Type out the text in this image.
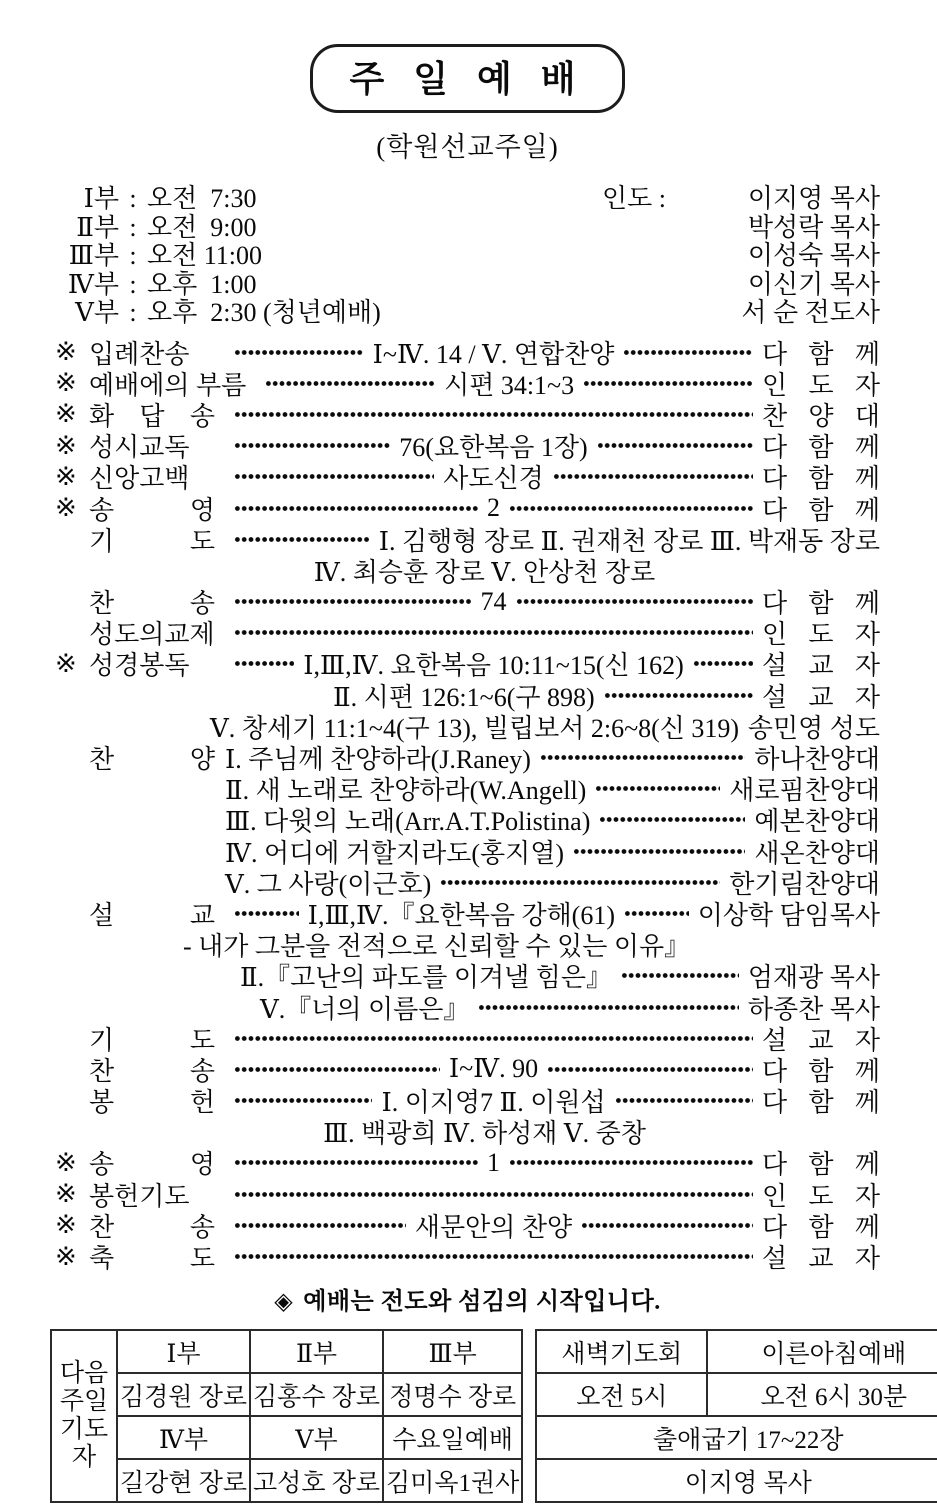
주 일 예 배
(학원선교주일)
Ⅰ부 : 오전  7:30	인도 :	이지영 목사
Ⅱ부 : 오전  9:00	박성락 목사
Ⅲ부 : 오전 11:00	이성숙 목사
Ⅳ부 : 오후  1:00	이신기 목사
Ⅴ부 : 오후  2:30 (청년예배)	서 순 전도사
※ 입례찬송	Ⅰ~Ⅳ. 14 / Ⅴ. 연합찬양	다 함 께
※ 예배에의 부름	시편 34:1~3	인 도 자
※ 화 답 송	찬 양 대
※ 성시교독	76(요한복음 1장)	다 함 께
※ 신앙고백	사도신경	다 함 께
※ 송 영	2	다 함 께
기 도	Ⅰ. 김행형 장로 Ⅱ. 권재천 장로 Ⅲ. 박재동 장로
Ⅳ. 최승훈 장로 Ⅴ. 안상천 장로
찬 송	74	다 함 께
성도의교제	인 도 자
※ 성경봉독	Ⅰ,Ⅲ,Ⅳ. 요한복음 10:11~15(신 162)	설 교 자
Ⅱ. 시편 126:1~6(구 898)	설 교 자
Ⅴ. 창세기 11:1~4(구 13), 빌립보서 2:6~8(신 319) 송민영 성도
찬 양 Ⅰ. 주님께 찬양하라(J.Raney)	하나찬양대
Ⅱ. 새 노래로 찬양하라(W.Angell)	새로핌찬양대
Ⅲ. 다윗의 노래(Arr.A.T.Polistina)	예본찬양대
Ⅳ. 어디에 거할지라도(홍지열)	새온찬양대
Ⅴ. 그 사랑(이근호)	한기림찬양대
설 교	Ⅰ,Ⅲ,Ⅳ.『요한복음 강해(61)	이상학 담임목사
- 내가 그분을 전적으로 신뢰할 수 있는 이유』
Ⅱ.『고난의 파도를 이겨낼 힘은』	엄재광 목사
Ⅴ.『너의 이름은』	하종찬 목사
기 도	설 교 자
찬 송	Ⅰ~Ⅳ. 90	다 함 께
봉 헌	Ⅰ. 이지영7 Ⅱ. 이원섭	다 함 께
Ⅲ. 백광희 Ⅳ. 하성재 Ⅴ. 중창
※ 송 영	1	다 함 께
※ 봉헌기도	인 도 자
※ 찬 송	새문안의 찬양	다 함 께
※ 축 도	설 교 자
◈ 예배는 전도와 섬김의 시작입니다.
다음
주일
기도자	Ⅰ부	Ⅱ부	Ⅲ부
	김경원 장로	김홍수 장로	정명수 장로
	Ⅳ부	Ⅴ부	수요일예배
	길강현 장로	고성호 장로	김미옥1권사
새벽기도회	이른아침예배
오전 5시	오전 6시 30분
출애굽기 17~22장	
이지영 목사	
